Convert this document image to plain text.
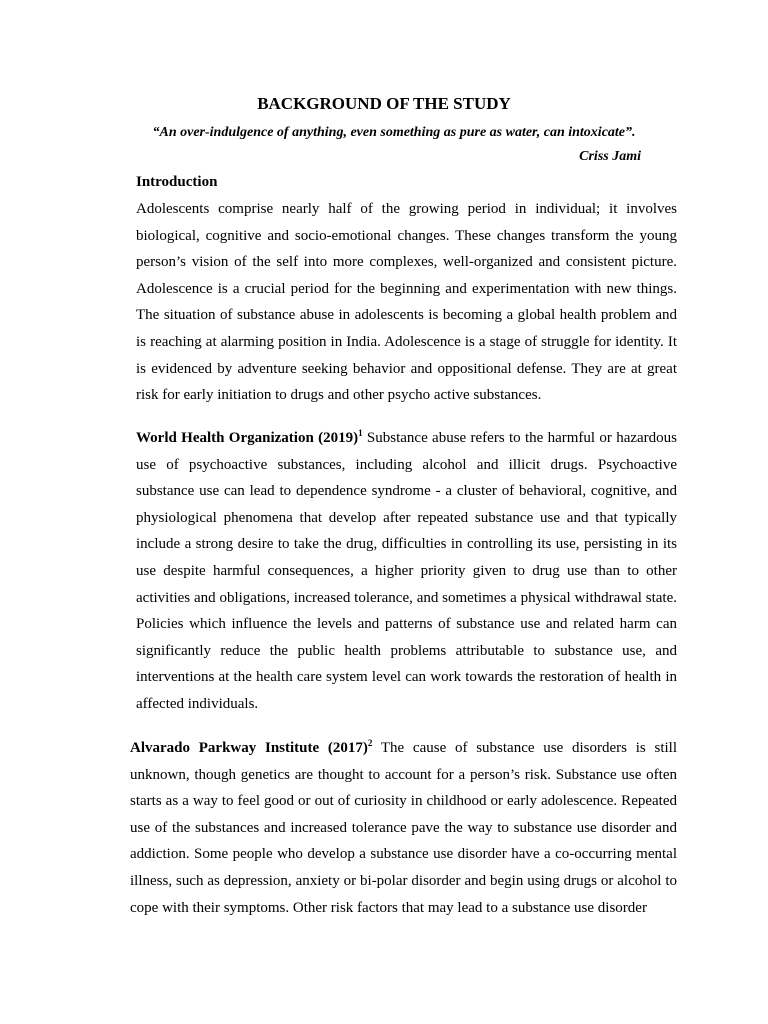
BACKGROUND OF THE STUDY
“An over-indulgence of anything, even something as pure as water, can intoxicate”.
Criss Jami
Introduction

Adolescents comprise nearly half of the growing period in individual; it involves biological, cognitive and socio-emotional changes. These changes transform the young person’s vision of the self into more complexes, well-organized and consistent picture. Adolescence is a crucial period for the beginning and experimentation with new things. The situation of substance abuse in adolescents is becoming a global health problem and is reaching at alarming position in India. Adolescence is a stage of struggle for identity. It is evidenced by adventure seeking behavior and oppositional defense. They are at great risk for early initiation to drugs and other psycho active substances.

World Health Organization $(2019)^1$ Substance abuse refers to the harmful or hazardous use of psychoactive substances, including alcohol and illicit drugs. Psychoactive substance use can lead to dependence syndrome - a cluster of behavioral, cognitive, and physiological phenomena that develop after repeated substance use and that typically include a strong desire to take the drug, difficulties in controlling its use, persisting in its use despite harmful consequences, a higher priority given to drug use than to other activities and obligations, increased tolerance, and sometimes a physical withdrawal state. Policies which influence the levels and patterns of substance use and related harm can significantly reduce the public health problems attributable to substance use, and interventions at the health care system level can work towards the restoration of health in affected individuals.

Alvarado Parkway Institute $(2017)^2$ The cause of substance use disorders is still unknown, though genetics are thought to account for a person’s risk. Substance use often starts as a way to feel good or out of curiosity in childhood or early adolescence. Repeated use of the substances and increased tolerance pave the way to substance use disorder and addiction. Some people who develop a substance use disorder have a co-occurring mental illness, such as depression, anxiety or bi-polar disorder and begin using drugs or alcohol to cope with their symptoms. Other risk factors that may lead to a substance use disorder
